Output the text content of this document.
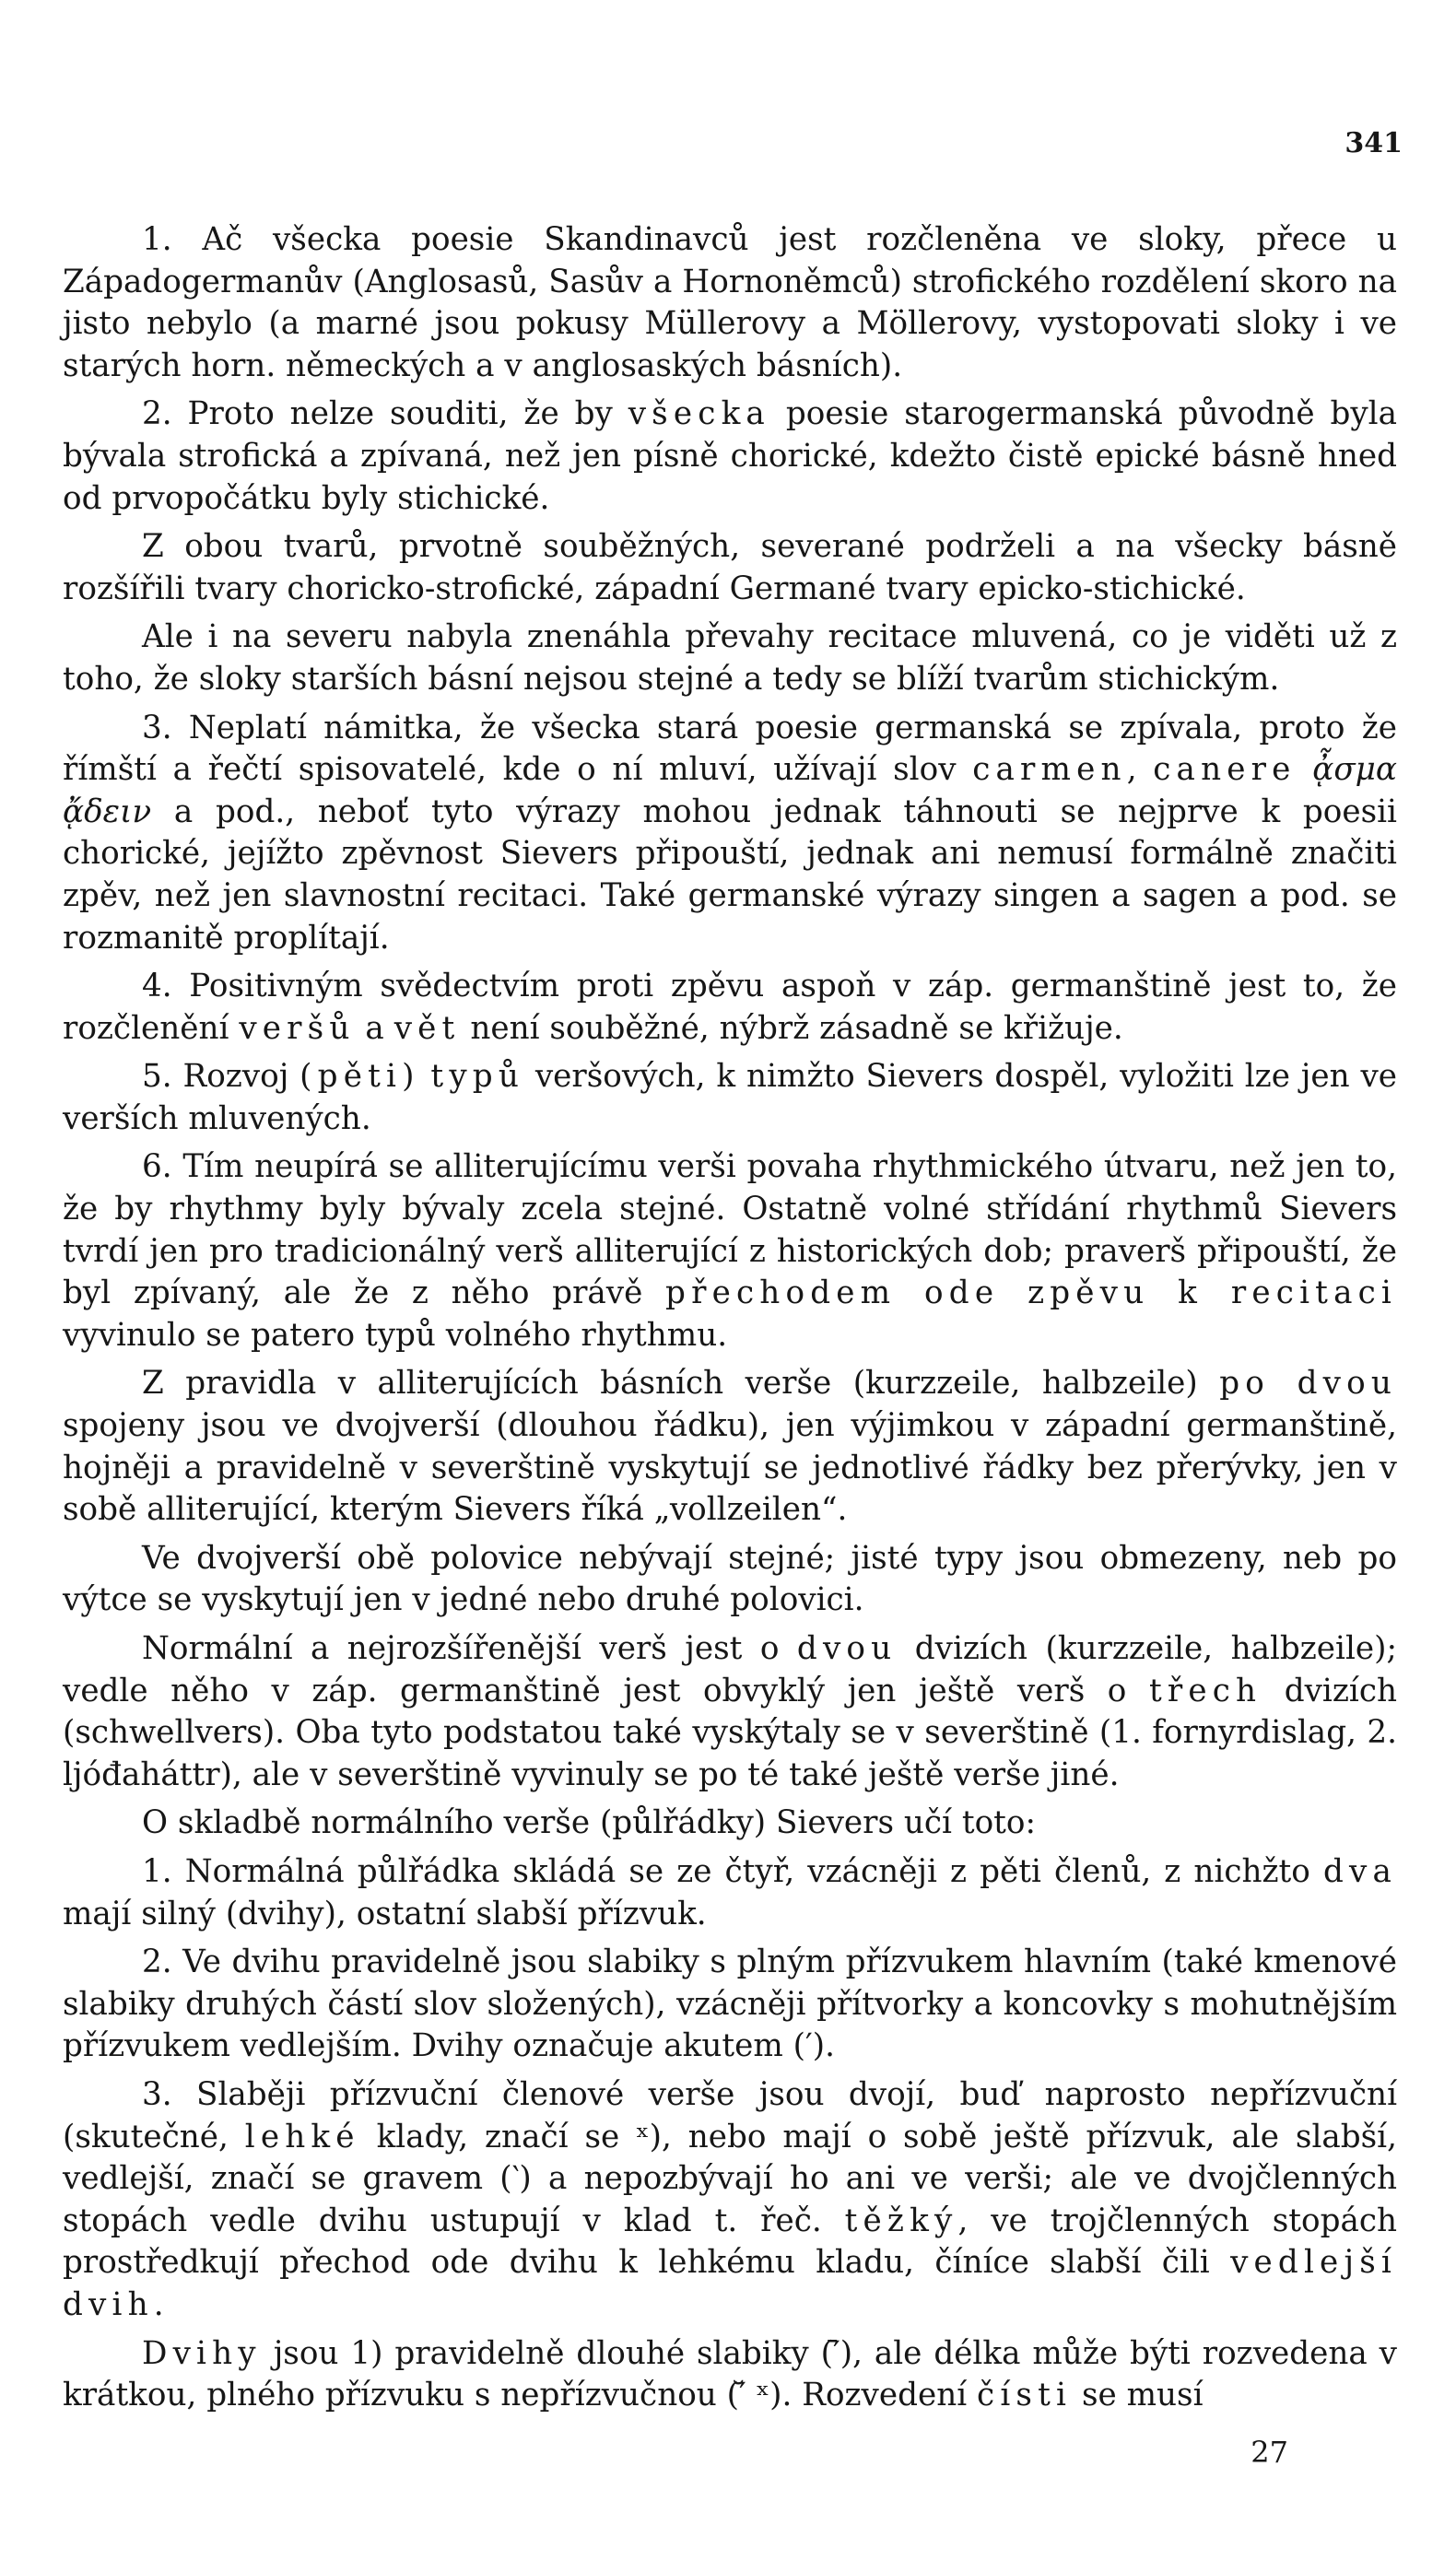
341

1. Ač všecka poesie Skandinavců jest rozčleněna ve sloky, přece u Západogermanův (Anglosasů, Sasův a Hornoněmců) strofického rozdělení skoro na jisto nebylo (a marné jsou pokusy Müllerovy a Möllerovy, vystopovati sloky i ve starých horn. německých a v anglosaských básních).

2. Proto nelze souditi, že by všecka poesie starogermanská původně byla bývala strofická a zpívaná, než jen písně chorické, kdežto čistě epické básně hned od prvopočátku byly stichické.

Z obou tvarů, prvotně souběžných, severané podrželi a na všecky básně rozšířili tvary choricko-strofické, západní Germané tvary epicko-stichické.

Ale i na severu nabyla znenáhla převahy recitace mluvená, co je viděti už z toho, že sloky starších básní nejsou stejné a tedy se blíží tvarům stichickým.

3. Neplatí námitka, že všecka stará poesie germanská se zpívala, proto že římští a řečtí spisovatelé, kde o ní mluví, užívají slov carmen, canere ᾆσμα ᾄδειν a pod., neboť tyto výrazy mohou jednak táhnouti se nejprve k poesii chorické, jejížto zpěvnost Sievers připouští, jednak ani nemusí formálně značiti zpěv, než jen slavnostní recitaci. Také germanské výrazy singen a sagen a pod. se rozmanitě proplítají.

4. Positivným svědectvím proti zpěvu aspoň v záp. germanštině jest to, že rozčlenění veršů a vět není souběžné, nýbrž zásadně se křižuje.

5. Rozvoj (pěti) typů veršových, k nimžto Sievers dospěl, vyložiti lze jen ve verších mluvených.

6. Tím neupírá se alliterujícímu verši povaha rhythmického útvaru, než jen to, že by rhythmy byly bývaly zcela stejné. Ostatně volné střídání rhythmů Sievers tvrdí jen pro tradicionálný verš alliterující z historických dob; praverš připouští, že byl zpívaný, ale že z něho právě přechodem ode zpěvu k recitaci vyvinulo se patero typů volného rhythmu.

Z pravidla v alliterujících básních verše (kurzzeile, halbzeile) po dvou spojeny jsou ve dvojverší (dlouhou řádku), jen výjimkou v západní germanštině, hojněji a pravidelně v severštině vyskytují se jednotlivé řádky bez přerývky, jen v sobě alliterující, kterým Sievers říká „vollzeilen“.

Ve dvojverší obě polovice nebývají stejné; jisté typy jsou obmezeny, neb po výtce se vyskytují jen v jedné nebo druhé polovici.

Normální a nejrozšířenější verš jest o dvou dvizích (kurzzeile, halbzeile); vedle něho v záp. germanštině jest obvyklý jen ještě verš o třech dvizích (schwellvers). Oba tyto podstatou také vyskýtaly se v severštině (1. fornyrdislag, 2. ljóđaháttr), ale v severštině vyvinuly se po té také ještě verše jiné.

O skladbě normálního verše (půlřádky) Sievers učí toto:

1. Normálná půlřádka skládá se ze čtyř, vzácněji z pěti členů, z nichžto dva mají silný (dvihy), ostatní slabší přízvuk.

2. Ve dvihu pravidelně jsou slabiky s plným přízvukem hlavním (také kmenové slabiky druhých částí slov složených), vzácněji přítvorky a koncovky s mohutnějším přízvukem vedlejším. Dvihy označuje akutem (′).

3. Slaběji přízvuční členové verše jsou dvojí, buď naprosto nepřízvuční (skutečné, lehké klady, značí se ˣ), nebo mají o sobě ještě přízvuk, ale slabší, vedlejší, značí se gravem (‵) a nepozbývají ho ani ve verši; ale ve dvojčlenných stopách vedle dvihu ustupují v klad t. řeč. těžký, ve trojčlenných stopách prostředkují přechod ode dvihu k lehkému kladu, číníce slabší čili vedlejší dvih.

Dvihy jsou 1) pravidelně dlouhé slabiky (′̄), ale délka může býti rozvedena v krátkou, plného přízvuku s nepřízvučnou (′̆ ˣ). Rozvedení čísti se musí

27
